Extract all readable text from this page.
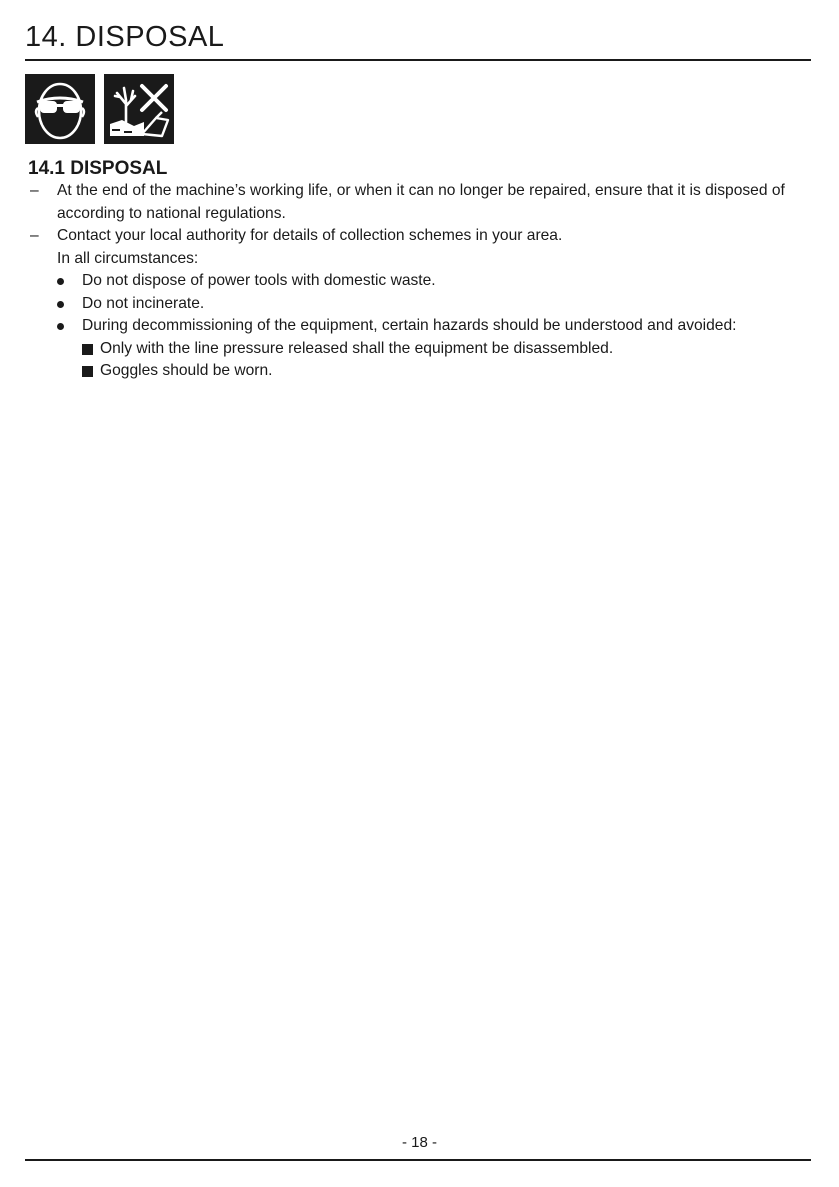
14. DISPOSAL
14.1 DISPOSAL
– At the end of the machine’s working life, or when it can no longer be repaired, ensure that it is disposed of according to national regulations.
– Contact your local authority for details of collection schemes in your area.
In all circumstances:
Do not dispose of power tools with domestic waste.
Do not incinerate.
During decommissioning of the equipment, certain hazards should be understood and avoided:
Only with the line pressure released shall the equipment be disassembled.
Goggles should be worn.
- 18 -
